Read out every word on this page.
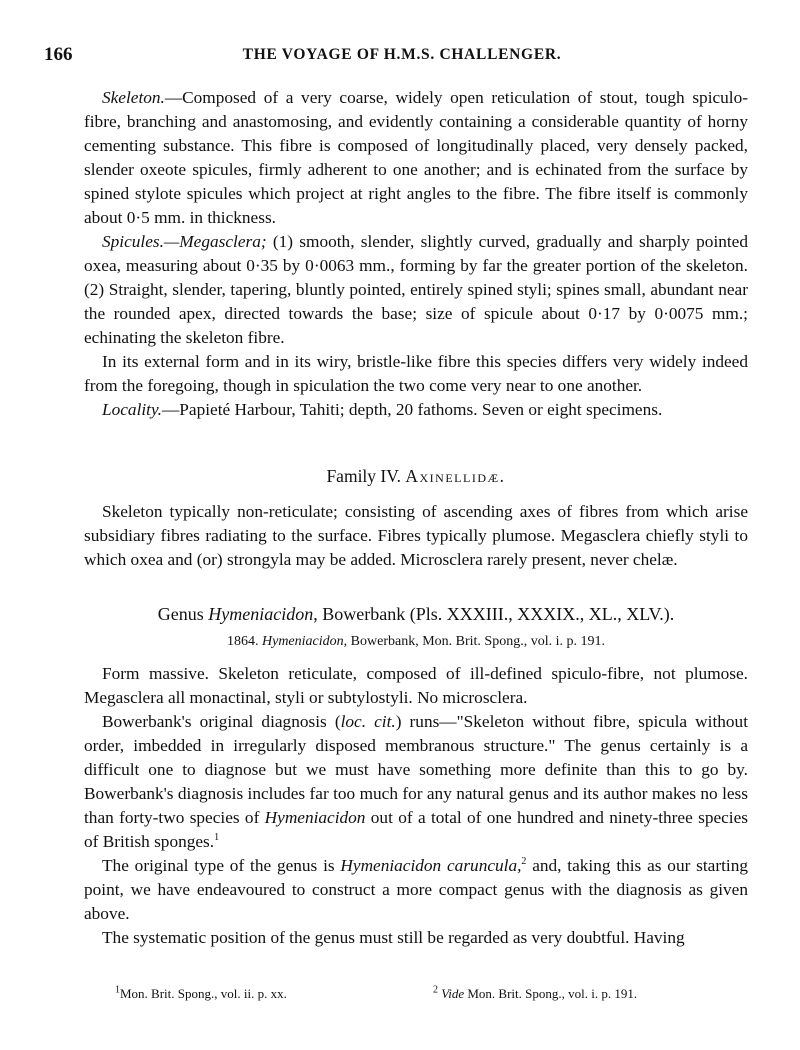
166	THE VOYAGE OF H.M.S. CHALLENGER.

Skeleton.—Composed of a very coarse, widely open reticulation of stout, tough spiculo-fibre, branching and anastomosing, and evidently containing a considerable quantity of horny cementing substance. This fibre is composed of longitudinally placed, very densely packed, slender oxeote spicules, firmly adherent to one another; and is echinated from the surface by spined stylote spicules which project at right angles to the fibre. The fibre itself is commonly about 0·5 mm. in thickness.

Spicules.—Megasclera; (1) smooth, slender, slightly curved, gradually and sharply pointed oxea, measuring about 0·35 by 0·0063 mm., forming by far the greater portion of the skeleton. (2) Straight, slender, tapering, bluntly pointed, entirely spined styli; spines small, abundant near the rounded apex, directed towards the base; size of spicule about 0·17 by 0·0075 mm.; echinating the skeleton fibre.

In its external form and in its wiry, bristle-like fibre this species differs very widely indeed from the foregoing, though in spiculation the two come very near to one another.

Locality.—Papieté Harbour, Tahiti; depth, 20 fathoms. Seven or eight specimens.

Family IV. Axinellidæ.

Skeleton typically non-reticulate; consisting of ascending axes of fibres from which arise subsidiary fibres radiating to the surface. Fibres typically plumose. Megasclera chiefly styli to which oxea and (or) strongyla may be added. Microsclera rarely present, never chelæ.

Genus Hymeniacidon, Bowerbank (Pls. XXXIII., XXXIX., XL., XLV.).

1864. Hymeniacidon, Bowerbank, Mon. Brit. Spong., vol. i. p. 191.

Form massive. Skeleton reticulate, composed of ill-defined spiculo-fibre, not plumose. Megasclera all monactinal, styli or subtylostyli. No microsclera.

Bowerbank's original diagnosis (loc. cit.) runs—"Skeleton without fibre, spicula without order, imbedded in irregularly disposed membranous structure." The genus certainly is a difficult one to diagnose but we must have something more definite than this to go by. Bowerbank's diagnosis includes far too much for any natural genus and its author makes no less than forty-two species of Hymeniacidon out of a total of one hundred and ninety-three species of British sponges.$^1$

The original type of the genus is Hymeniacidon caruncula,$^2$ and, taking this as our starting point, we have endeavoured to construct a more compact genus with the diagnosis as given above.

The systematic position of the genus must still be regarded as very doubtful. Having

$^1$Mon. Brit. Spong., vol. ii. p. xx.	$^2$ Vide Mon. Brit. Spong., vol. i. p. 191.
